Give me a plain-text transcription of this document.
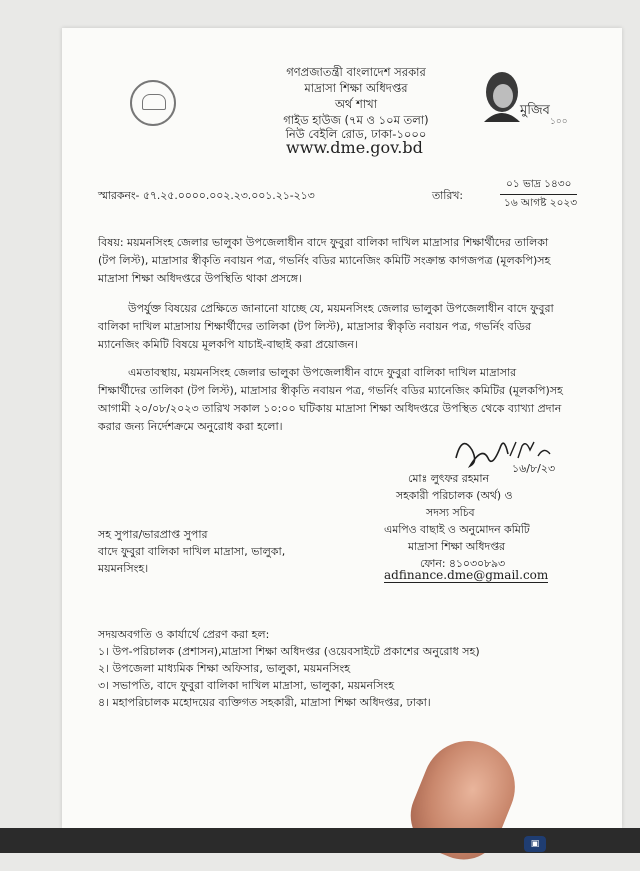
গণপ্রজাতন্ত্রী বাংলাদেশ সরকার
মাদ্রাসা শিক্ষা অধিদপ্তর
অর্থ শাখা
গাইড হাউজ (৭ম ও ১০ম তলা)
নিউ বেইলি রোড, ঢাকা-১০০০
www.dme.gov.bd
মুজিব
১০০
স্মারকনং- ৫৭.২৫.০০০০.০০২.২৩.০০১.২১-২১৩	তারিখ:
০১ ভাদ্র ১৪৩০
১৬ আগষ্ট ২০২৩
বিষয়: ময়মনসিংহ জেলার ভালুকা উপজেলাধীন বাদে ফুবুরা বালিকা দাখিল মাদ্রাসার শিক্ষার্থীদের তালিকা
(টপ লিস্ট), মাদ্রাসার স্বীকৃতি নবায়ন পত্র, গভর্নিং বডির ম্যানেজিং কমিটি সংক্রান্ত কাগজপত্র (মূলকপি)সহ
মাদ্রাসা শিক্ষা অধিদপ্তরে উপস্থিতি থাকা প্রসঙ্গে।
উপর্যুক্ত বিষয়ের প্রেক্ষিতে জানানো যাচ্ছে যে, ময়মনসিংহ জেলার ভালুকা উপজেলাধীন বাদে ফুবুরা
বালিকা দাখিল মাদ্রাসায় শিক্ষার্থীদের তালিকা (টপ লিস্ট), মাদ্রাসার স্বীকৃতি নবায়ন পত্র, গভর্নিং বডির
ম্যানেজিং কমিটি বিষয়ে মূলকপি যাচাই-বাছাই করা প্রয়োজন।
এমতাবস্থায়, ময়মনসিংহ জেলার ভালুকা উপজেলাধীন বাদে ফুবুরা বালিকা দাখিল মাদ্রাসার
শিক্ষার্থীদের তালিকা (টপ লিস্ট), মাদ্রাসার স্বীকৃতি নবায়ন পত্র, গভর্নিং বডির ম্যানেজিং কমিটির (মূলকপি)সহ
আগামী ২০/০৮/২০২৩ তারিখ সকাল ১০:০০ ঘটিকায় মাদ্রাসা শিক্ষা অধিদপ্তরে উপস্থিত থেকে ব্যাখ্যা প্রদান
করার জন্য নির্দেশক্রমে অনুরোধ করা হলো।
১৬/৮/২৩
মোঃ লুৎফর রহমান
সহকারী পরিচালক (অর্থ) ও
সদস্য সচিব
এমপিও বাছাই ও অনুমোদন কমিটি
মাদ্রাসা শিক্ষা অধিদপ্তর
ফোন: ৪১০৩০৮৯৩
adfinance.dme@gmail.com
সহ সুপার/ভারপ্রাপ্ত সুপার
বাদে ফুবুরা বালিকা দাখিল মাদ্রাসা, ভালুকা,
ময়মনসিংহ।
সদয়অবগতি ও কার্যার্থে প্রেরণ করা হল:
১। উপ-পরিচালক (প্রশাসন),মাদ্রাসা শিক্ষা অধিদপ্তর (ওয়েবসাইটে প্রকাশের অনুরোধ সহ)
২। উপজেলা মাধ্যমিক শিক্ষা অফিসার, ভালুকা, ময়মনসিংহ
৩। সভাপতি, বাদে ফুবুরা বালিকা দাখিল মাদ্রাসা, ভালুকা, ময়মনসিংহ
৪। মহাপরিচালক মহোদয়ের ব্যক্তিগত সহকারী, মাদ্রাসা শিক্ষা অধিদপ্তর, ঢাকা।
▣
